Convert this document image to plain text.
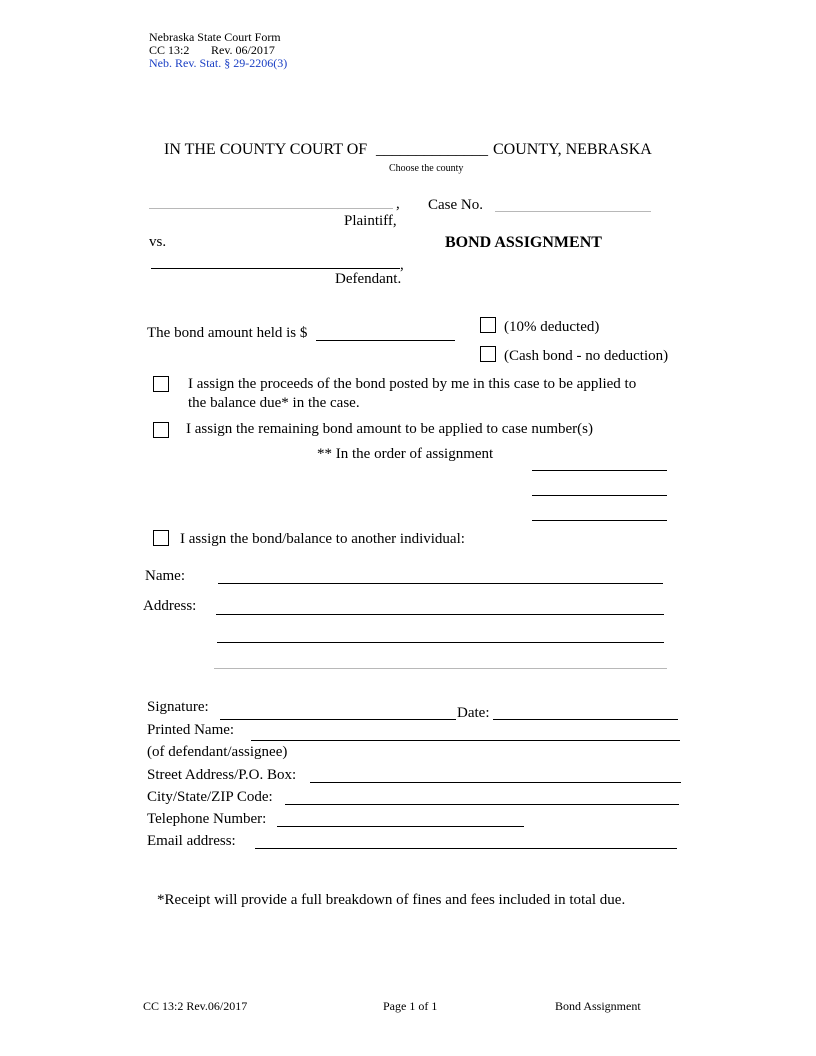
Nebraska State Court Form
CC 13:2 Rev. 06/2017
Neb. Rev. Stat. § 29-2206(3)
IN THE COUNTY COURT OF ______________ COUNTY, NEBRASKA
Choose the county
,
Plaintiff,
Case No.
vs.	BOND ASSIGNMENT
,
Defendant.
The bond amount held is $	(10% deducted)
(Cash bond - no deduction)
I assign the proceeds of the bond posted by me in this case to be applied to
the balance due* in the case.
I assign the remaining bond amount to be applied to case number(s)
** In the order of assignment
I assign the bond/balance to another individual:
Name:
Address:
Signature:	Date:
Printed Name:
(of defendant/assignee)
Street Address/P.O. Box:
City/State/ZIP Code:
Telephone Number:
Email address:
*Receipt will provide a full breakdown of fines and fees included in total due.
CC 13:2 Rev.06/2017	Page 1 of 1	Bond Assignment
